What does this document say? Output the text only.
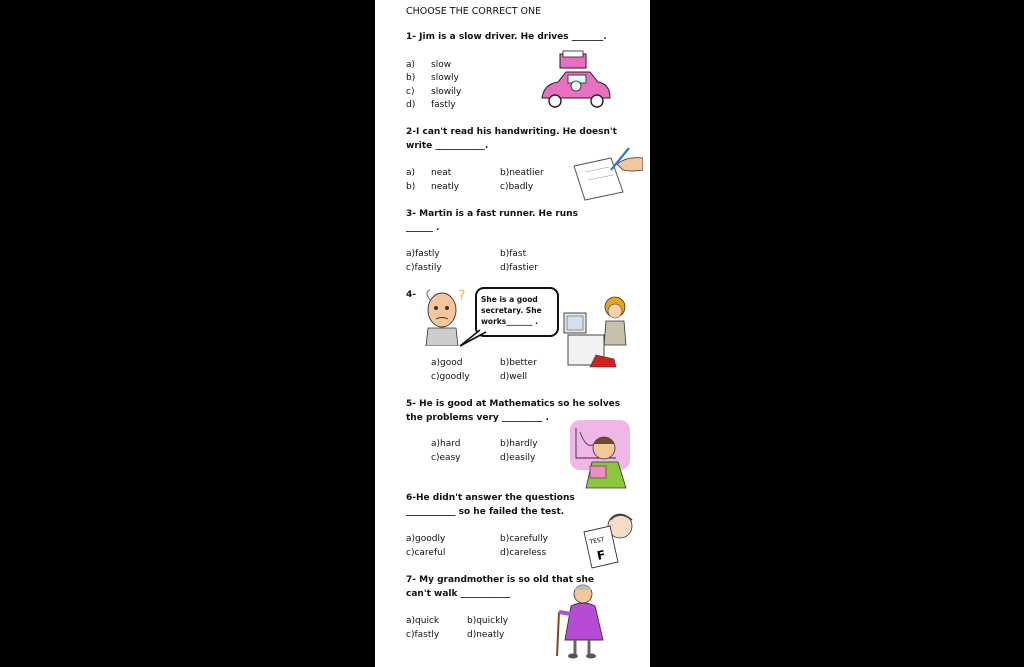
CHOOSE THE CORRECT ONE
1- Jim is a slow driver. He drives _______.
a) slow
b) slowly
c) slowily
d) fastly
2-I can't read his handwriting. He doesn't
write ___________.
a) neat
b) neatly
b)neatlier
c)badly
3- Martin is a fast runner. He runs
______ .
a)fastly
c)fastily
b)fast
d)fastier
4-	? She is a good
secretary. She
works_______ .
a)good
c)goodly
b)better
d)well
5- He is good at Mathematics so he solves
the problems very _________ .
a)hard
c)easy
b)hardly
d)easily
6-He didn't answer the questions
___________ so he failed the test.
a)goodly
c)careful
b)carefully
d)careless
TEST
F
7- My grandmother is so old that she
can't walk ___________
a)quick
c)fastly
b)quickly
d)neatly
